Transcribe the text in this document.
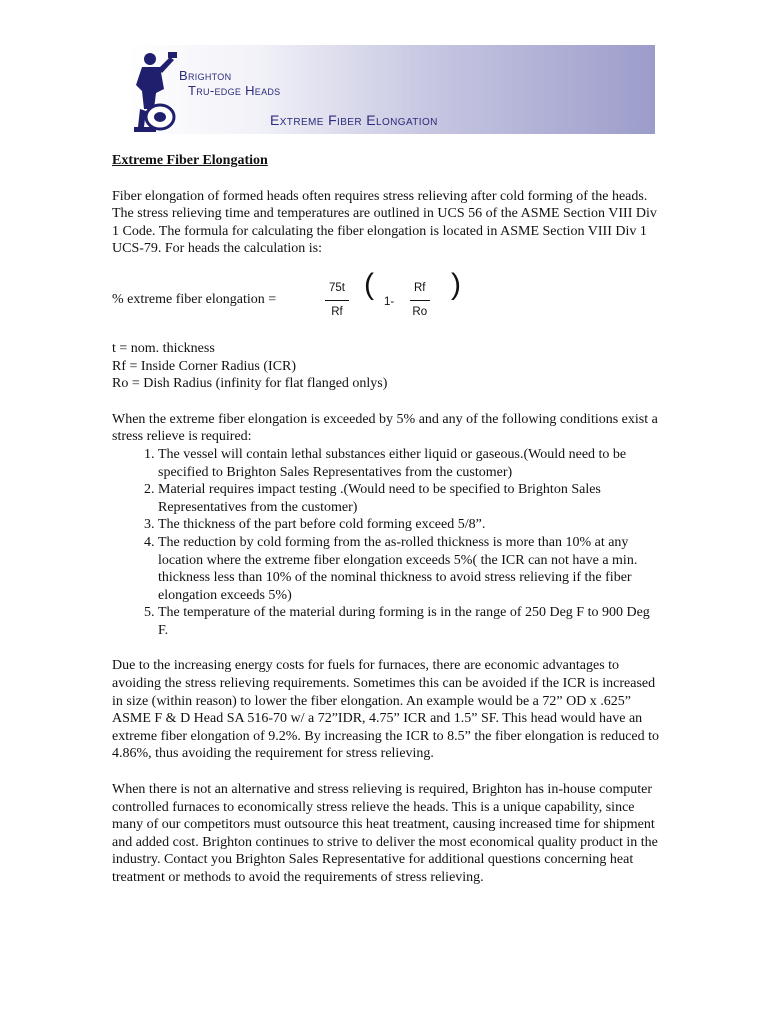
Brighton
Tru-edge Heads
Extreme Fiber Elongation
Extreme Fiber Elongation

Fiber elongation of formed heads often requires stress relieving after cold forming of the heads. The stress relieving time and temperatures are outlined in UCS 56 of the ASME Section VIII Div 1 Code. The formula for calculating the fiber elongation is located in ASME Section VIII Div 1 UCS-79. For heads the calculation is:

% extreme fiber elongation =	$\frac{75t}{Rf}$ (
$1- \frac{Rf}{Ro}$ )
t = nom. thickness
Rf = Inside Corner Radius (ICR)
Ro = Dish Radius (infinity for flat flanged onlys)
When the extreme fiber elongation is exceeded by 5% and any of the following conditions exist a stress relieve is required:
1. The vessel will contain lethal substances either liquid or gaseous.(Would need to be specified to Brighton Sales Representatives from the customer)
2. Material requires impact testing .(Would need to be specified to Brighton Sales Representatives from the customer)
3. The thickness of the part before cold forming exceed 5/8”.
4. The reduction by cold forming from the as-rolled thickness is more than 10% at any location where the extreme fiber elongation exceeds 5%( the ICR can not have a min. thickness less than 10% of the nominal thickness to avoid stress relieving if the fiber elongation exceeds 5%)
5. The temperature of the material during forming is in the range of 250 Deg F to 900 Deg F.

Due to the increasing energy costs for fuels for furnaces, there are economic advantages to avoiding the stress relieving requirements. Sometimes this can be avoided if the ICR is increased in size (within reason) to lower the fiber elongation. An example would be a 72” OD x .625” ASME F & D Head SA 516-70 w/ a 72”IDR, 4.75” ICR and 1.5” SF. This head would have an extreme fiber elongation of 9.2%. By increasing the ICR to 8.5” the fiber elongation is reduced to 4.86%, thus avoiding the requirement for stress relieving.

When there is not an alternative and stress relieving is required, Brighton has in-house computer controlled furnaces to economically stress relieve the heads. This is a unique capability, since many of our competitors must outsource this heat treatment, causing increased time for shipment and added cost. Brighton continues to strive to deliver the most economical quality product in the industry. Contact you Brighton Sales Representative for additional questions concerning heat treatment or methods to avoid the requirements of stress relieving.
